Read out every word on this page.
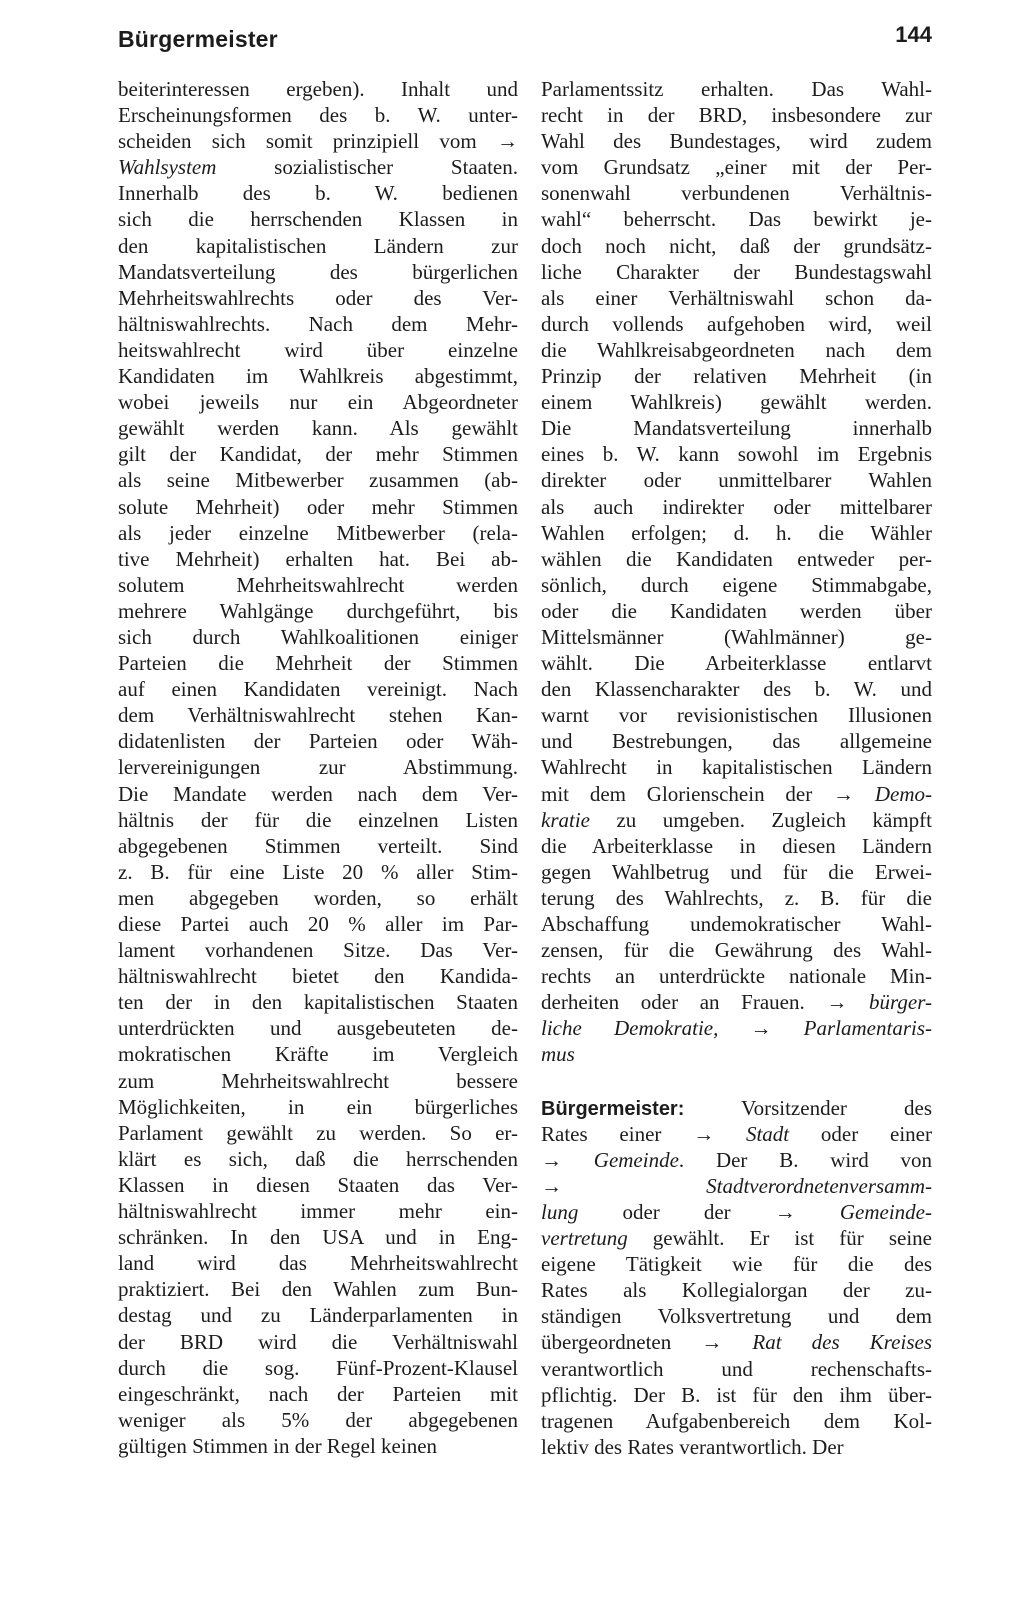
Bürgermeister	144
beiterinteressen ergeben). Inhalt und
Erscheinungsformen des b. W. unter-
scheiden sich somit prinzipiell vom →
Wahlsystem sozialistischer Staaten.
Innerhalb des b. W. bedienen
sich die herrschenden Klassen in
den kapitalistischen Ländern zur
Mandatsverteilung des bürgerlichen
Mehrheitswahlrechts oder des Ver-
hältniswahlrechts. Nach dem Mehr-
heitswahlrecht wird über einzelne
Kandidaten im Wahlkreis abgestimmt,
wobei jeweils nur ein Abgeordneter
gewählt werden kann. Als gewählt
gilt der Kandidat, der mehr Stimmen
als seine Mitbewerber zusammen (ab-
solute Mehrheit) oder mehr Stimmen
als jeder einzelne Mitbewerber (rela-
tive Mehrheit) erhalten hat. Bei ab-
solutem Mehrheitswahlrecht werden
mehrere Wahlgänge durchgeführt, bis
sich durch Wahlkoalitionen einiger
Parteien die Mehrheit der Stimmen
auf einen Kandidaten vereinigt. Nach
dem Verhältniswahlrecht stehen Kan-
didatenlisten der Parteien oder Wäh-
lervereinigungen zur Abstimmung.
Die Mandate werden nach dem Ver-
hältnis der für die einzelnen Listen
abgegebenen Stimmen verteilt. Sind
z. B. für eine Liste 20 % aller Stim-
men abgegeben worden, so erhält
diese Partei auch 20 % aller im Par-
lament vorhandenen Sitze. Das Ver-
hältniswahlrecht bietet den Kandida-
ten der in den kapitalistischen Staaten
unterdrückten und ausgebeuteten de-
mokratischen Kräfte im Vergleich
zum Mehrheitswahlrecht bessere
Möglichkeiten, in ein bürgerliches
Parlament gewählt zu werden. So er-
klärt es sich, daß die herrschenden
Klassen in diesen Staaten das Ver-
hältniswahlrecht immer mehr ein-
schränken. In den USA und in Eng-
land wird das Mehrheitswahlrecht
praktiziert. Bei den Wahlen zum Bun-
destag und zu Länderparlamenten in
der BRD wird die Verhältniswahl
durch die sog. Fünf-Prozent-Klausel
eingeschränkt, nach der Parteien mit
weniger als 5% der abgegebenen
gültigen Stimmen in der Regel keinen
Parlamentssitz erhalten. Das Wahl-
recht in der BRD, insbesondere zur
Wahl des Bundestages, wird zudem
vom Grundsatz „einer mit der Per-
sonenwahl verbundenen Verhältnis-
wahl“ beherrscht. Das bewirkt je-
doch noch nicht, daß der grundsätz-
liche Charakter der Bundestagswahl
als einer Verhältniswahl schon da-
durch vollends aufgehoben wird, weil
die Wahlkreisabgeordneten nach dem
Prinzip der relativen Mehrheit (in
einem Wahlkreis) gewählt werden.
Die Mandatsverteilung innerhalb
eines b. W. kann sowohl im Ergebnis
direkter oder unmittelbarer Wahlen
als auch indirekter oder mittelbarer
Wahlen erfolgen; d. h. die Wähler
wählen die Kandidaten entweder per-
sönlich, durch eigene Stimmabgabe,
oder die Kandidaten werden über
Mittelsmänner (Wahlmänner) ge-
wählt. Die Arbeiterklasse entlarvt
den Klassencharakter des b. W. und
warnt vor revisionistischen Illusionen
und Bestrebungen, das allgemeine
Wahlrecht in kapitalistischen Ländern
mit dem Glorienschein der → Demo-
kratie zu umgeben. Zugleich kämpft
die Arbeiterklasse in diesen Ländern
gegen Wahlbetrug und für die Erwei-
terung des Wahlrechts, z. B. für die
Abschaffung undemokratischer Wahl-
zensen, für die Gewährung des Wahl-
rechts an unterdrückte nationale Min-
derheiten oder an Frauen. → bürger-
liche Demokratie, → Parlamentaris-
mus
Bürgermeister: Vorsitzender des
Rates einer → Stadt oder einer
→ Gemeinde. Der B. wird von
→ Stadtverordnetenversamm-
lung oder der → Gemeinde-
vertretung gewählt. Er ist für seine
eigene Tätigkeit wie für die des
Rates als Kollegialorgan der zu-
ständigen Volksvertretung und dem
übergeordneten → Rat des Kreises
verantwortlich und rechenschafts-
pflichtig. Der B. ist für den ihm über-
tragenen Aufgabenbereich dem Kol-
lektiv des Rates verantwortlich. Der
